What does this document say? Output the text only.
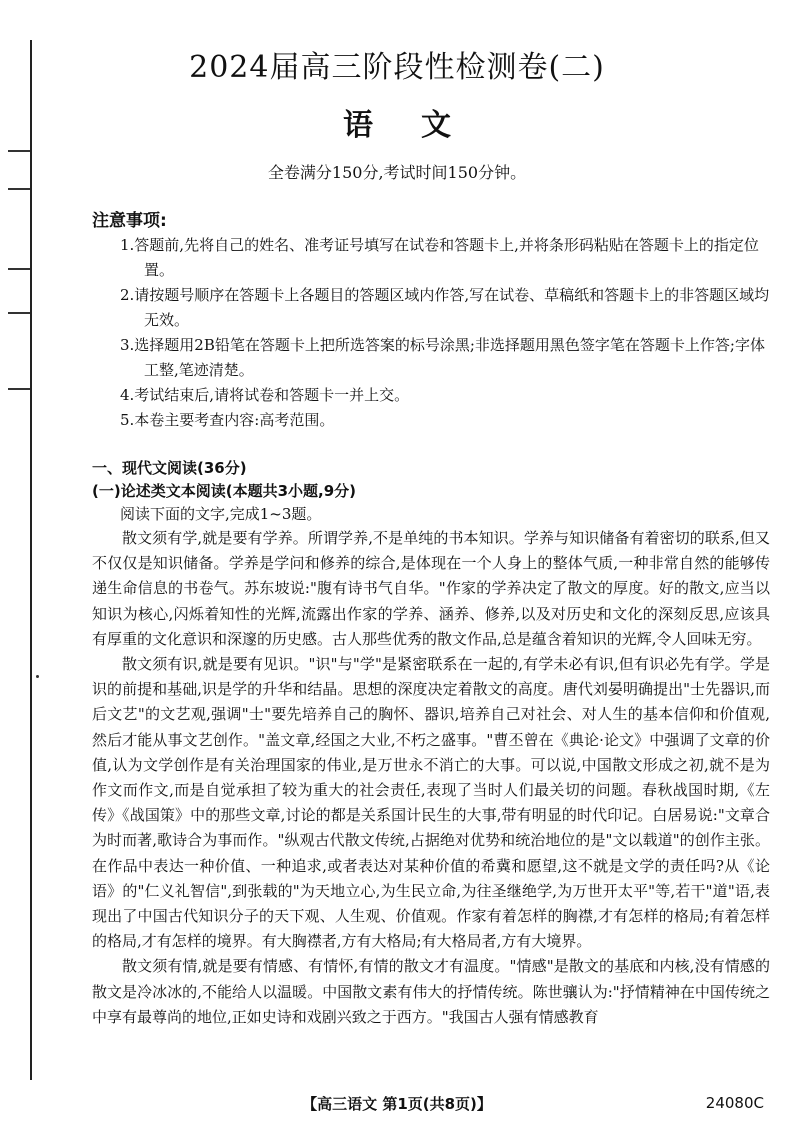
2024届高三阶段性检测卷(二)
语文
全卷满分150分,考试时间150分钟。
注意事项:
1.答题前,先将自己的姓名、准考证号填写在试卷和答题卡上,并将条形码粘贴在答题卡上的指定位置。
2.请按题号顺序在答题卡上各题目的答题区域内作答,写在试卷、草稿纸和答题卡上的非答题区域均无效。
3.选择题用2B铅笔在答题卡上把所选答案的标号涂黑;非选择题用黑色签字笔在答题卡上作答;字体工整,笔迹清楚。
4.考试结束后,请将试卷和答题卡一并上交。
5.本卷主要考查内容:高考范围。
一、现代文阅读(36分)
(一)论述类文本阅读(本题共3小题,9分)
阅读下面的文字,完成1~3题。

散文须有学,就是要有学养。所谓学养,不是单纯的书本知识。学养与知识储备有着密切的联系,但又不仅仅是知识储备。学养是学问和修养的综合,是体现在一个人身上的整体气质,一种非常自然的能够传递生命信息的书卷气。苏东坡说:"腹有诗书气自华。"作家的学养决定了散文的厚度。好的散文,应当以知识为核心,闪烁着知性的光辉,流露出作家的学养、涵养、修养,以及对历史和文化的深刻反思,应该具有厚重的文化意识和深邃的历史感。古人那些优秀的散文作品,总是蕴含着知识的光辉,令人回味无穷。

散文须有识,就是要有见识。"识"与"学"是紧密联系在一起的,有学未必有识,但有识必先有学。学是识的前提和基础,识是学的升华和结晶。思想的深度决定着散文的高度。唐代刘晏明确提出"士先器识,而后文艺"的文艺观,强调"士"要先培养自己的胸怀、器识,培养自己对社会、对人生的基本信仰和价值观,然后才能从事文艺创作。"盖文章,经国之大业,不朽之盛事。"曹丕曾在《典论·论文》中强调了文章的价值,认为文学创作是有关治理国家的伟业,是万世永不消亡的大事。可以说,中国散文形成之初,就不是为作文而作文,而是自觉承担了较为重大的社会责任,表现了当时人们最关切的问题。春秋战国时期,《左传》《战国策》中的那些文章,讨论的都是关系国计民生的大事,带有明显的时代印记。白居易说:"文章合为时而著,歌诗合为事而作。"纵观古代散文传统,占据绝对优势和统治地位的是"文以载道"的创作主张。在作品中表达一种价值、一种追求,或者表达对某种价值的希冀和愿望,这不就是文学的责任吗?从《论语》的"仁义礼智信",到张载的"为天地立心,为生民立命,为往圣继绝学,为万世开太平"等,若干"道"语,表现出了中国古代知识分子的天下观、人生观、价值观。作家有着怎样的胸襟,才有怎样的格局;有着怎样的格局,才有怎样的境界。有大胸襟者,方有大格局;有大格局者,方有大境界。

散文须有情,就是要有情感、有情怀,有情的散文才有温度。"情感"是散文的基底和内核,没有情感的散文是冷冰冰的,不能给人以温暖。中国散文素有伟大的抒情传统。陈世骧认为:"抒情精神在中国传统之中享有最尊尚的地位,正如史诗和戏剧兴致之于西方。"我国古人强有情感教育

【高三语文 第1页(共8页)】	24080C
